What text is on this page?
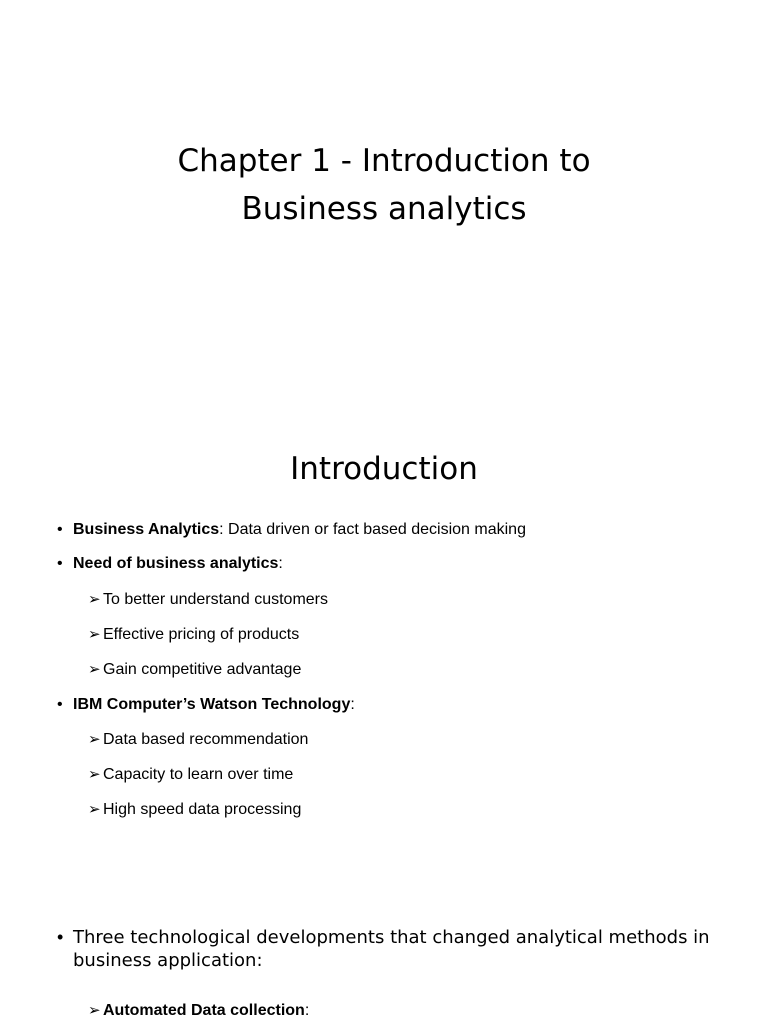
Chapter 1 - Introduction to
Business analytics
Introduction
• Business Analytics: Data driven or fact based decision making
• Need of business analytics:
➢ To better understand customers
➢ Effective pricing of products
➢ Gain competitive advantage
• IBM Computer’s Watson Technology:
➢ Data based recommendation
➢ Capacity to learn over time
➢ High speed data processing
• Three technological developments that changed analytical methods in business application:
➢ Automated Data collection:
